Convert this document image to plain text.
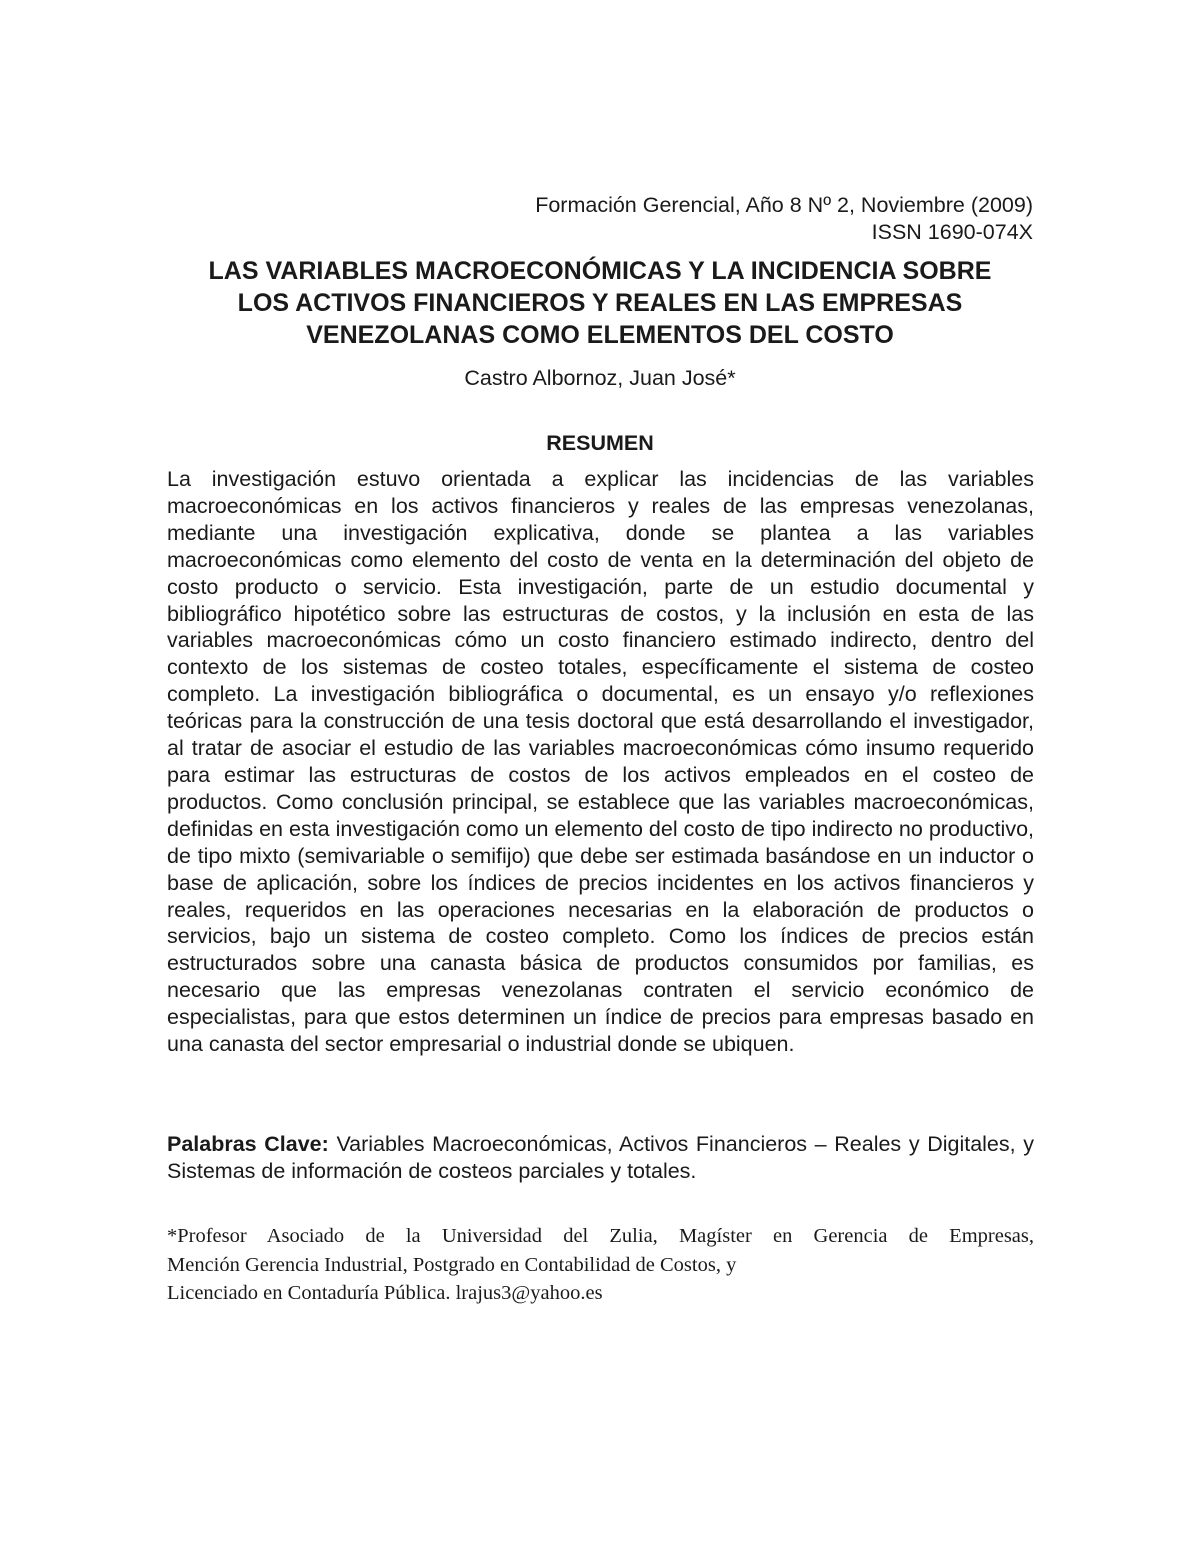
Formación Gerencial, Año 8 Nº 2, Noviembre (2009)
ISSN 1690-074X
LAS VARIABLES MACROECONÓMICAS Y LA INCIDENCIA SOBRE
LOS ACTIVOS FINANCIEROS Y REALES EN LAS EMPRESAS
VENEZOLANAS COMO ELEMENTOS DEL COSTO
Castro Albornoz, Juan José*
RESUMEN

La investigación estuvo orientada a explicar las incidencias de las variables macroeconómicas en los activos financieros y reales de las empresas venezolanas, mediante una investigación explicativa, donde se plantea a las variables macroeconómicas como elemento del costo de venta en la determinación del objeto de costo producto o servicio. Esta investigación, parte de un estudio documental y bibliográfico hipotético sobre las estructuras de costos, y la inclusión en esta de las variables macroeconómicas cómo un costo financiero estimado indirecto, dentro del contexto de los sistemas de costeo totales, específicamente el sistema de costeo completo. La investigación bibliográfica o documental, es un ensayo y/o reflexiones teóricas para la construcción de una tesis doctoral que está desarrollando el investigador, al tratar de asociar el estudio de las variables macroeconómicas cómo insumo requerido para estimar las estructuras de costos de los activos empleados en el costeo de productos. Como conclusión principal, se establece que las variables macroeconómicas, definidas en esta investigación como un elemento del costo de tipo indirecto no productivo, de tipo mixto (semivariable o semifijo) que debe ser estimada basándose en un inductor o base de aplicación, sobre los índices de precios incidentes en los activos financieros y reales, requeridos en las operaciones necesarias en la elaboración de productos o servicios, bajo un sistema de costeo completo. Como los índices de precios están estructurados sobre una canasta básica de productos consumidos por familias, es necesario que las empresas venezolanas contraten el servicio económico de especialistas, para que estos determinen un índice de precios para empresas basado en una canasta del sector empresarial o industrial donde se ubiquen.

Palabras Clave: Variables Macroeconómicas, Activos Financieros – Reales y Digitales, y Sistemas de información de costeos parciales y totales.

*Profesor Asociado de la Universidad del Zulia, Magíster en Gerencia de Empresas,
Mención Gerencia Industrial, Postgrado en Contabilidad de Costos, y
Licenciado en Contaduría Pública. lrajus3@yahoo.es
